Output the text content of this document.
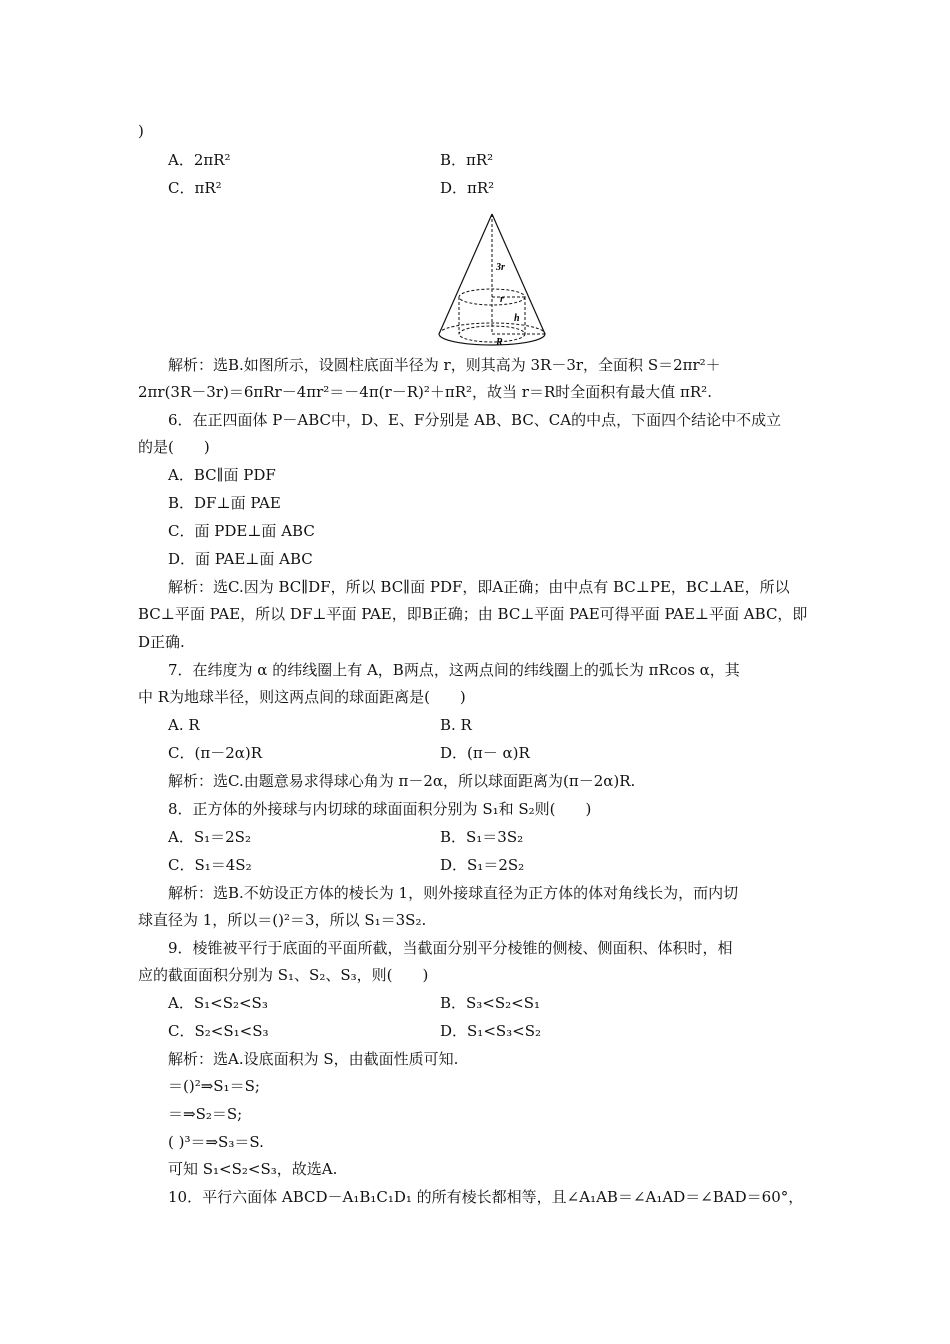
)
A．2πR²	B．πR²
C．πR²	D．πR²
3r
r
h
R
解析：选B.如图所示，设圆柱底面半径为 r，则其高为 3R－3r，全面积 S＝2πr²＋
2πr(3R－3r)＝6πRr－4πr²＝－4π(r－R)²＋πR²，故当 r＝R时全面积有最大值 πR².
6．在正四面体 P－ABC中，D、E、F分别是 AB、BC、CA的中点，下面四个结论中不成立
的是(　　)
A．BC∥面 PDF
B．DF⊥面 PAE
C．面 PDE⊥面 ABC
D．面 PAE⊥面 ABC
解析：选C.因为 BC∥DF，所以 BC∥面 PDF，即A正确；由中点有 BC⊥PE，BC⊥AE，所以
BC⊥平面 PAE，所以 DF⊥平面 PAE，即B正确；由 BC⊥平面 PAE可得平面 PAE⊥平面 ABC，即
D正确.
7．在纬度为 α 的纬线圈上有 A，B两点，这两点间的纬线圈上的弧长为 πRcos α，其
中 R为地球半径，则这两点间的球面距离是(　　)
A. R	B. R
C．(π－2α)R	D．(π－ α)R
解析：选C.由题意易求得球心角为 π－2α，所以球面距离为(π－2α)R.
8．正方体的外接球与内切球的球面面积分别为 S₁和 S₂则(　　)
A．S₁＝2S₂	B．S₁＝3S₂
C．S₁＝4S₂	D．S₁＝2S₂
解析：选B.不妨设正方体的棱长为 1，则外接球直径为正方体的体对角线长为，而内切
球直径为 1，所以＝()²＝3，所以 S₁＝3S₂.
9．棱锥被平行于底面的平面所截，当截面分别平分棱锥的侧棱、侧面积、体积时，相
应的截面面积分别为 S₁、S₂、S₃，则(　　)
A．S₁<S₂<S₃	B．S₃<S₂<S₁
C．S₂<S₁<S₃	D．S₁<S₃<S₂
解析：选A.设底面积为 S，由截面性质可知.
＝()²⇒S₁＝S;
＝⇒S₂＝S;
( )³＝⇒S₃＝S.
可知 S₁<S₂<S₃，故选A.
10．平行六面体 ABCD－A₁B₁C₁D₁ 的所有棱长都相等，且∠A₁AB＝∠A₁AD＝∠BAD＝60°，
